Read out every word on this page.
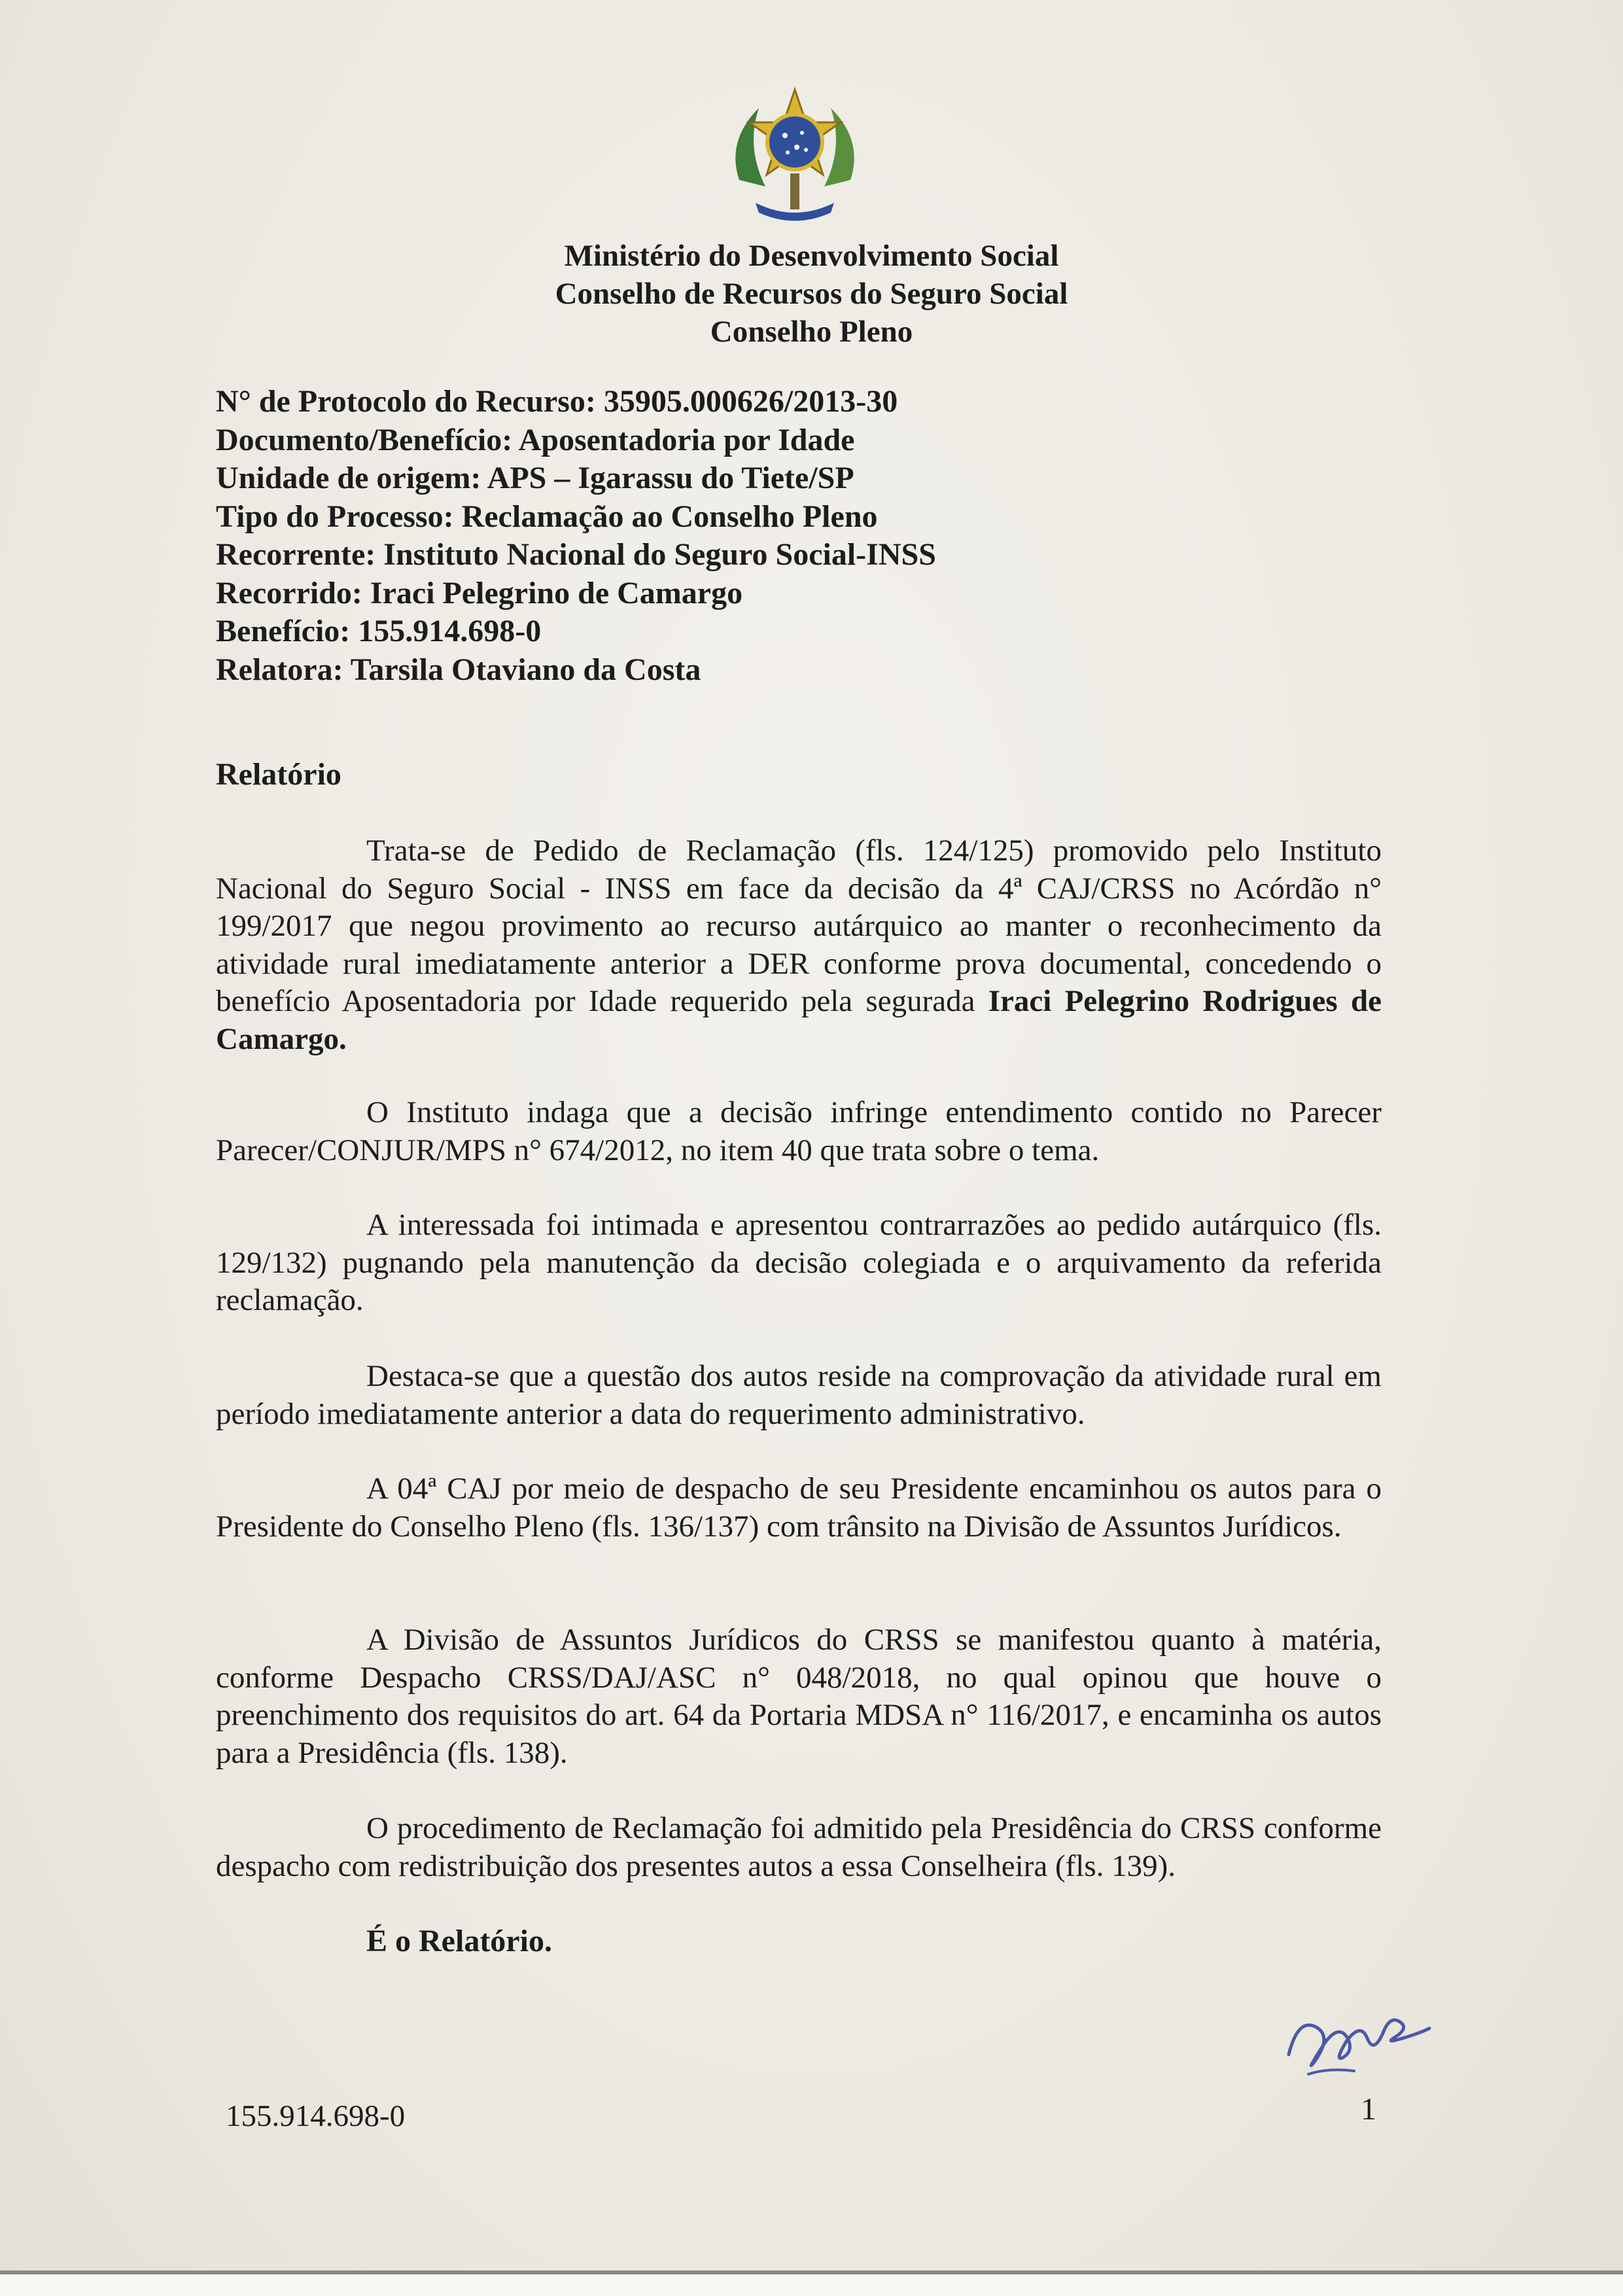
Ministério do Desenvolvimento Social
Conselho de Recursos do Seguro Social
Conselho Pleno
N° de Protocolo do Recurso: 35905.000626/2013-30
Documento/Benefício: Aposentadoria por Idade
Unidade de origem: APS – Igarassu do Tiete/SP
Tipo do Processo: Reclamação ao Conselho Pleno
Recorrente: Instituto Nacional do Seguro Social-INSS
Recorrido: Iraci Pelegrino de Camargo
Benefício: 155.914.698-0
Relatora: Tarsila Otaviano da Costa
Relatório
Trata-se de Pedido de Reclamação (fls. 124/125) promovido pelo Instituto Nacional do Seguro Social - INSS em face da decisão da 4ª CAJ/CRSS no Acórdão n° 199/2017 que negou provimento ao recurso autárquico ao manter o reconhecimento da atividade rural imediatamente anterior a DER conforme prova documental, concedendo o benefício Aposentadoria por Idade requerido pela segurada Iraci Pelegrino Rodrigues de Camargo.
O Instituto indaga que a decisão infringe entendimento contido no Parecer Parecer/CONJUR/MPS n° 674/2012, no item 40 que trata sobre o tema.
A interessada foi intimada e apresentou contrarrazões ao pedido autárquico (fls. 129/132) pugnando pela manutenção da decisão colegiada e o arquivamento da referida reclamação.
Destaca-se que a questão dos autos reside na comprovação da atividade rural em período imediatamente anterior a data do requerimento administrativo.
A 04ª CAJ por meio de despacho de seu Presidente encaminhou os autos para o Presidente do Conselho Pleno (fls. 136/137) com trânsito na Divisão de Assuntos Jurídicos.
A Divisão de Assuntos Jurídicos do CRSS se manifestou quanto à matéria, conforme Despacho CRSS/DAJ/ASC n° 048/2018, no qual opinou que houve o preenchimento dos requisitos do art. 64 da Portaria MDSA n° 116/2017, e encaminha os autos para a Presidência (fls. 138).
O procedimento de Reclamação foi admitido pela Presidência do CRSS conforme despacho com redistribuição dos presentes autos a essa Conselheira (fls. 139).
É o Relatório.
155.914.698-0	1
